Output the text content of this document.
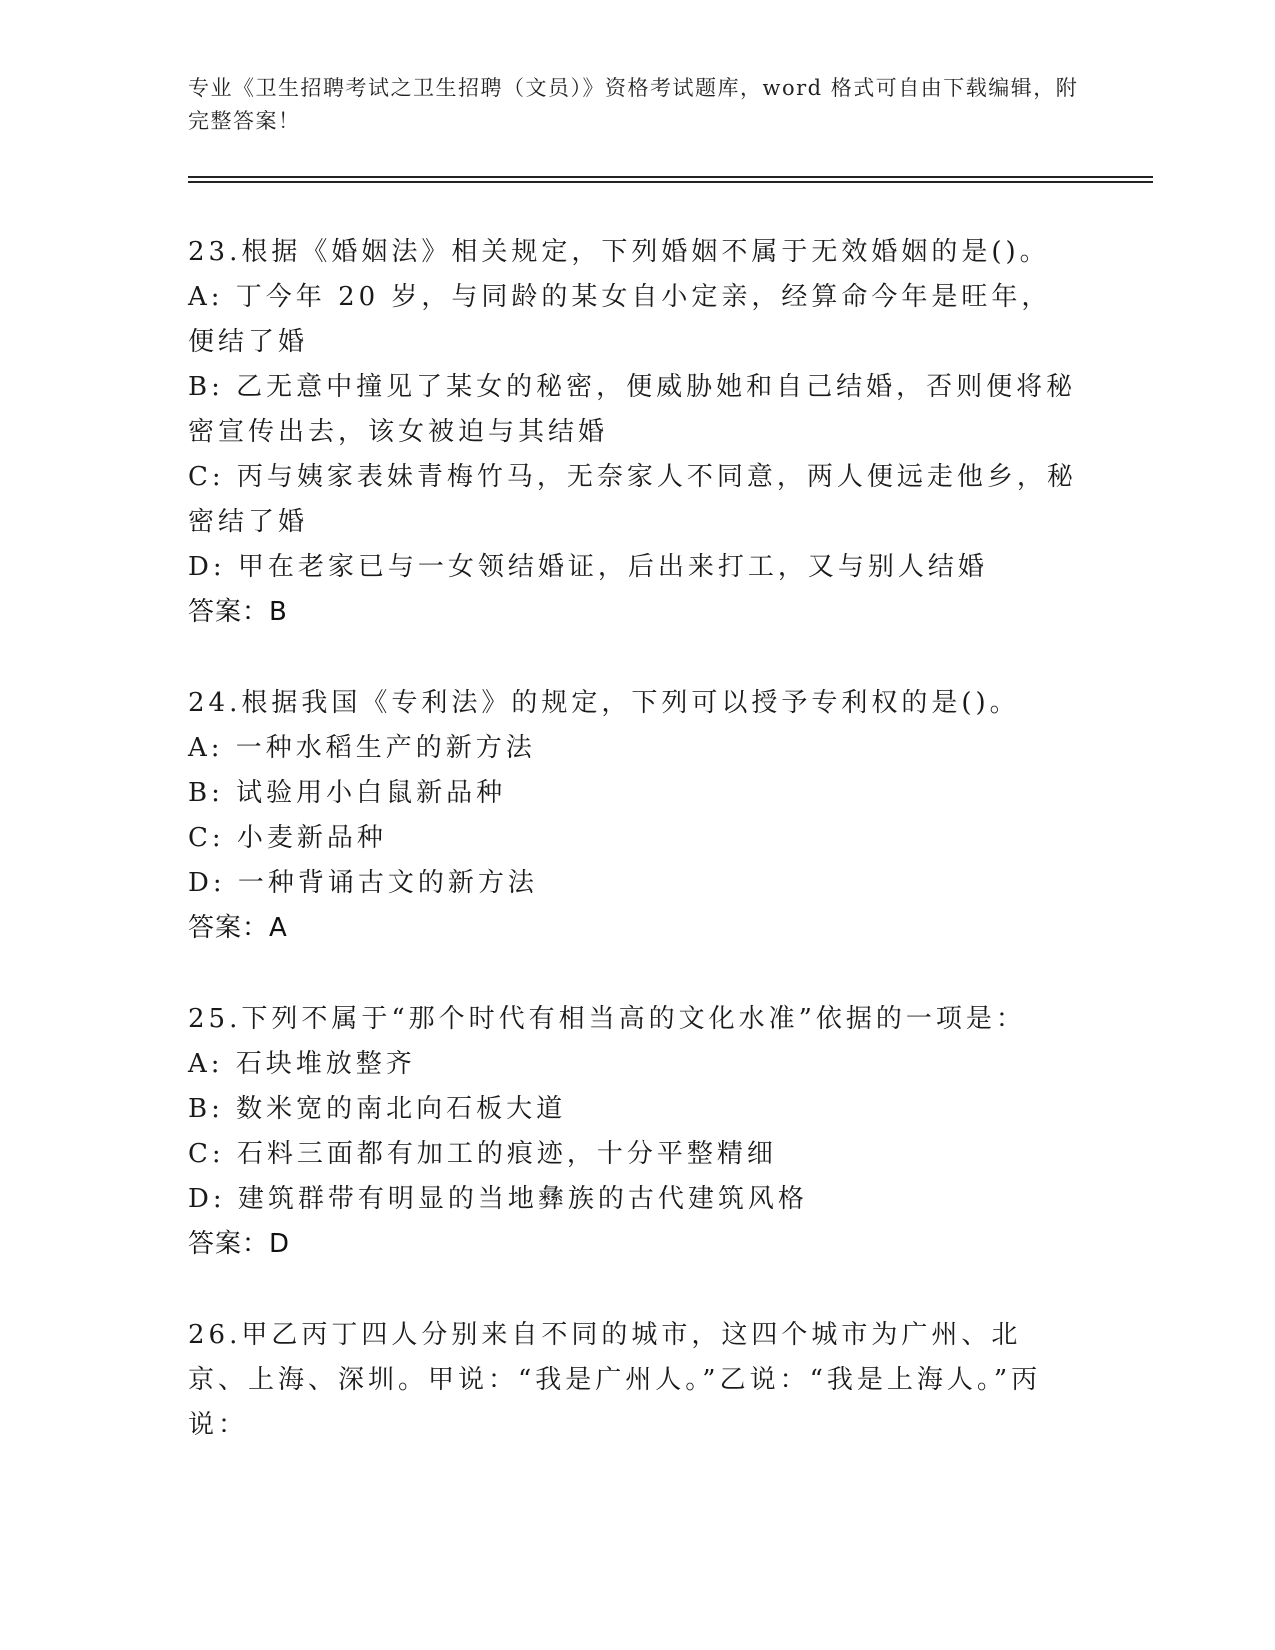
专业《卫生招聘考试之卫生招聘（文员）》资格考试题库，word 格式可自由下载编辑，附完整答案！
23.根据《婚姻法》相关规定，下列婚姻不属于无效婚姻的是()。
A: 丁今年 20 岁，与同龄的某女自小定亲，经算命今年是旺年，便结了婚
B: 乙无意中撞见了某女的秘密，便威胁她和自己结婚，否则便将秘密宣传出去，该女被迫与其结婚
C: 丙与姨家表妹青梅竹马，无奈家人不同意，两人便远走他乡，秘密结了婚
D: 甲在老家已与一女领结婚证，后出来打工，又与别人结婚
答案：B
24.根据我国《专利法》的规定，下列可以授予专利权的是()。
A: 一种水稻生产的新方法
B: 试验用小白鼠新品种
C: 小麦新品种
D: 一种背诵古文的新方法
答案：A
25.下列不属于“那个时代有相当高的文化水准”依据的一项是：
A: 石块堆放整齐
B: 数米宽的南北向石板大道
C: 石料三面都有加工的痕迹，十分平整精细
D: 建筑群带有明显的当地彝族的古代建筑风格
答案：D
26.甲乙丙丁四人分别来自不同的城市，这四个城市为广州、北京、上海、深圳。甲说：“我是广州人。”乙说：“我是上海人。”丙说：
